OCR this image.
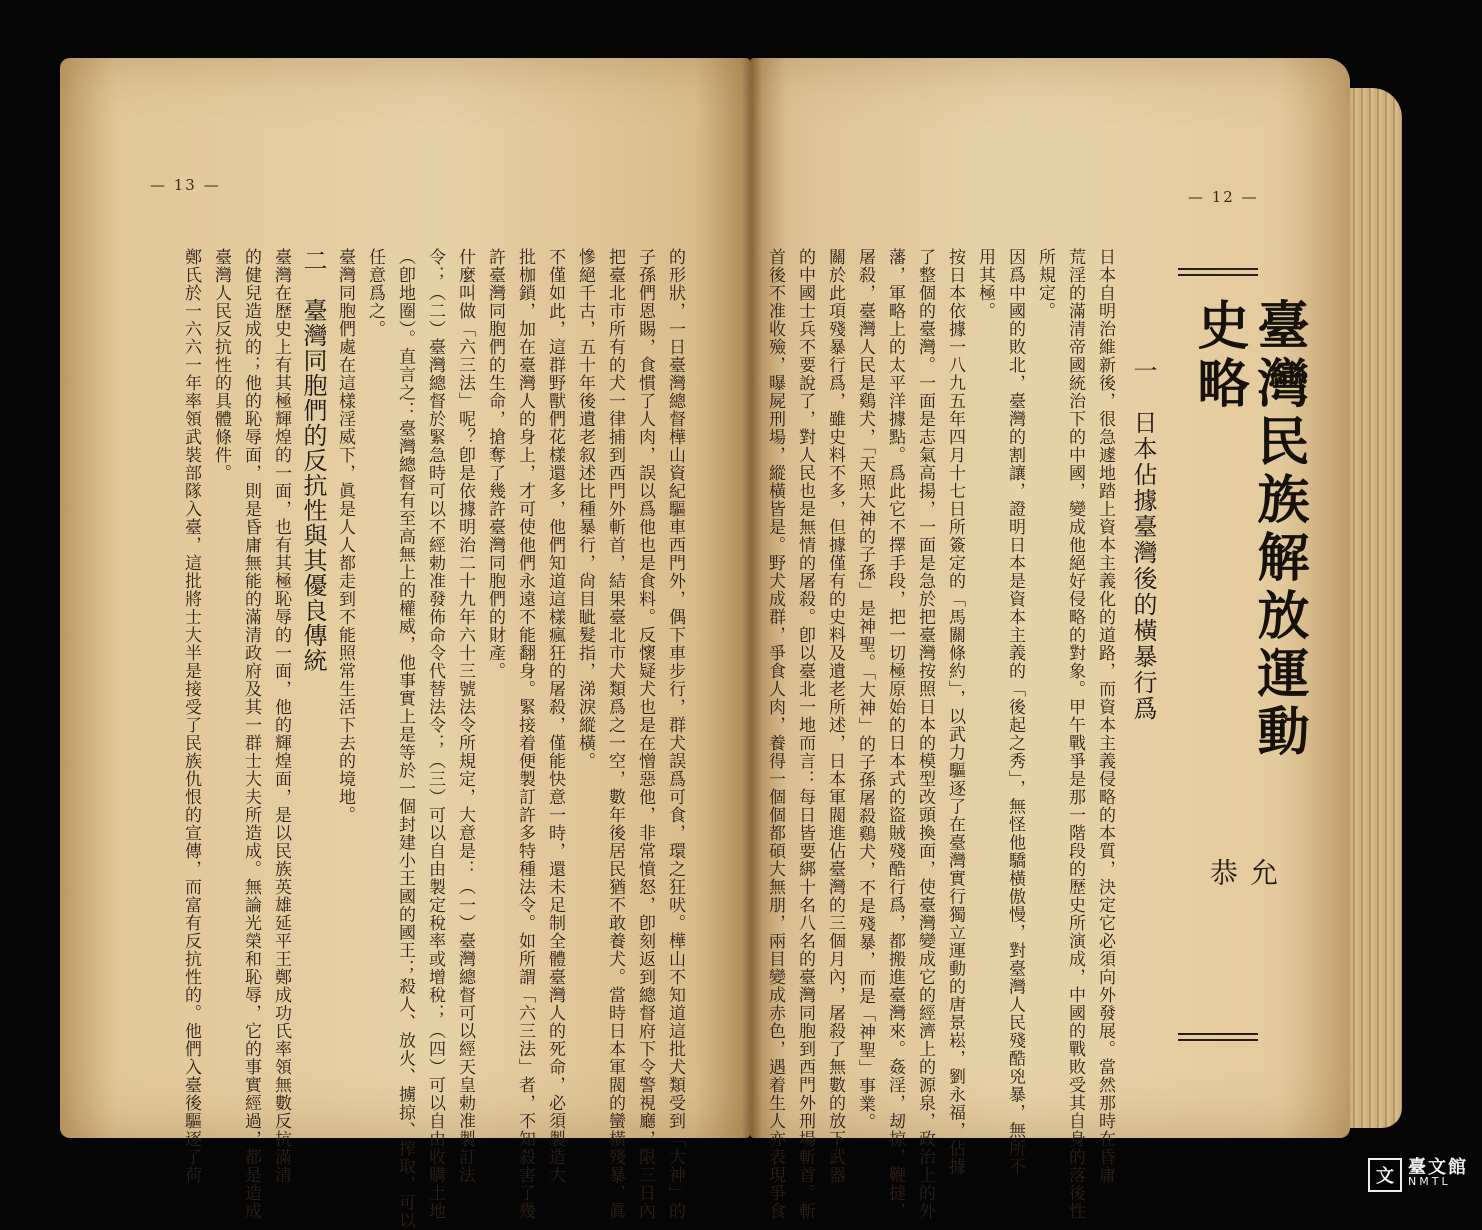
— 13 —
的形狀，一日臺灣總督樺山資紀驅車西門外，偶下車步行，群犬誤爲可食，環之狂吠。樺山不知道這批犬類受到「大神」的
子孫們恩賜，食慣了人肉，誤以爲他也是食料。反懷疑犬也是在憎惡他，非常憤怒，卽刻返到總督府下令警視廳，限三日內
把臺北市所有的犬一律捕到西門外斬首，結果臺北市犬類爲之一空，數年後居民猶不敢養犬。當時日本軍閥的蠻橫殘暴，眞
慘絕千古，五十年後遺老叙述比種暴行，尙目眦髮指，涕淚縱橫。
不僅如此，這群野獸們花樣還多，他們知道這樣瘋狂的屠殺，僅能快意一時，還未足制全體臺灣人的死命，必須製造大
批枷鎖，加在臺灣人的身上，才可使他們永遠不能翻身。緊接着便製訂許多特種法令。如所謂「六三法」者，不知殺害了幾
許臺灣同胞們的生命，搶奪了幾許臺灣同胞們的財產。
什麼叫做「六三法」呢？卽是依據明治二十九年六十三號法令所規定，大意是：（一）臺灣總督可以經天皇勅准製訂法
令；（二）臺灣總督於緊急時可以不經勅准發佈命令代替法令；（三）可以自由製定稅率或增稅；（四）可以自由收購土地
（卽地圈）。直言之：臺灣總督有至高無上的權威，他事實上是等於一個封建小王國的國王；殺人、放火、擄掠、搾取，可以
任意爲之。
臺灣同胞們處在這樣淫威下，眞是人人都走到不能照常生活下去的境地。
二　臺灣同胞們的反抗性與其優良傳統
臺灣在歷史上有其極輝煌的一面，也有其極恥辱的一面，他的輝煌面，是以民族英雄延平王鄭成功氏率領無數反抗滿清
的健兒造成的；他的恥辱面，則是昏庸無能的滿清政府及其一群士大夫所造成。無論光榮和恥辱，它的事實經過，都是造成
臺灣人民反抗性的具體條件。
鄭氏於一六六一年率領武裝部隊入臺，這批將士大半是接受了民族仇恨的宣傳，而富有反抗性的。他們入臺後驅逐了荷
— 12 —
臺灣民族解放運動史略
允　恭
一　日本佔據臺灣後的橫暴行爲
日本自明治維新後，很急遽地踏上資本主義化的道路，而資本主義侵略的本質，決定它必須向外發展。當然那時在昏庸
荒淫的滿清帝國統治下的中國，變成他絕好侵略的對象。甲午戰爭是那一階段的歷史所演成，中國的戰敗受其自身的落後性
所規定。
因爲中國的敗北，臺灣的割讓，證明日本是資本主義的「後起之秀」，無怪他驕橫傲慢，對臺灣人民殘酷兇暴，無所不
用其極。
按日本依據一八九五年四月十七日所簽定的「馬關條約」，以武力驅逐了在臺灣實行獨立運動的唐景崧，劉永福，佔據
了整個的臺灣。一面是志氣高揚，一面是急於把臺灣按照日本的模型改頭換面，使臺灣變成它的經濟上的源泉，政治上的外
藩，軍略上的太平洋據點。爲此它不擇手段，把一切極原始的日本式的盜賊殘酷行爲，都搬進臺灣來。姦淫，刼掠，鞭撻，
屠殺，臺灣人民是鷄犬，「天照大神的子孫」是神聖。「大神」的子孫屠殺鷄犬，不是殘暴，而是「神聖」事業。
關於此項殘暴行爲，雖史料不多，但據僅有的史料及遺老所述，日本軍閥進佔臺灣的三個月內，屠殺了無數的放下武器
的中國士兵不要說了，對人民也是無情的屠殺。卽以臺北一地而言：每日皆要綁十名八名的臺灣同胞到西門外刑場斬首。斬
首後不准收殮，曝屍刑場，縱橫皆是。野犬成群，爭食人肉，養得一個個都碩大無朋，兩目變成赤色，遇着生人亦表現爭食	文 臺文館
NMTL
